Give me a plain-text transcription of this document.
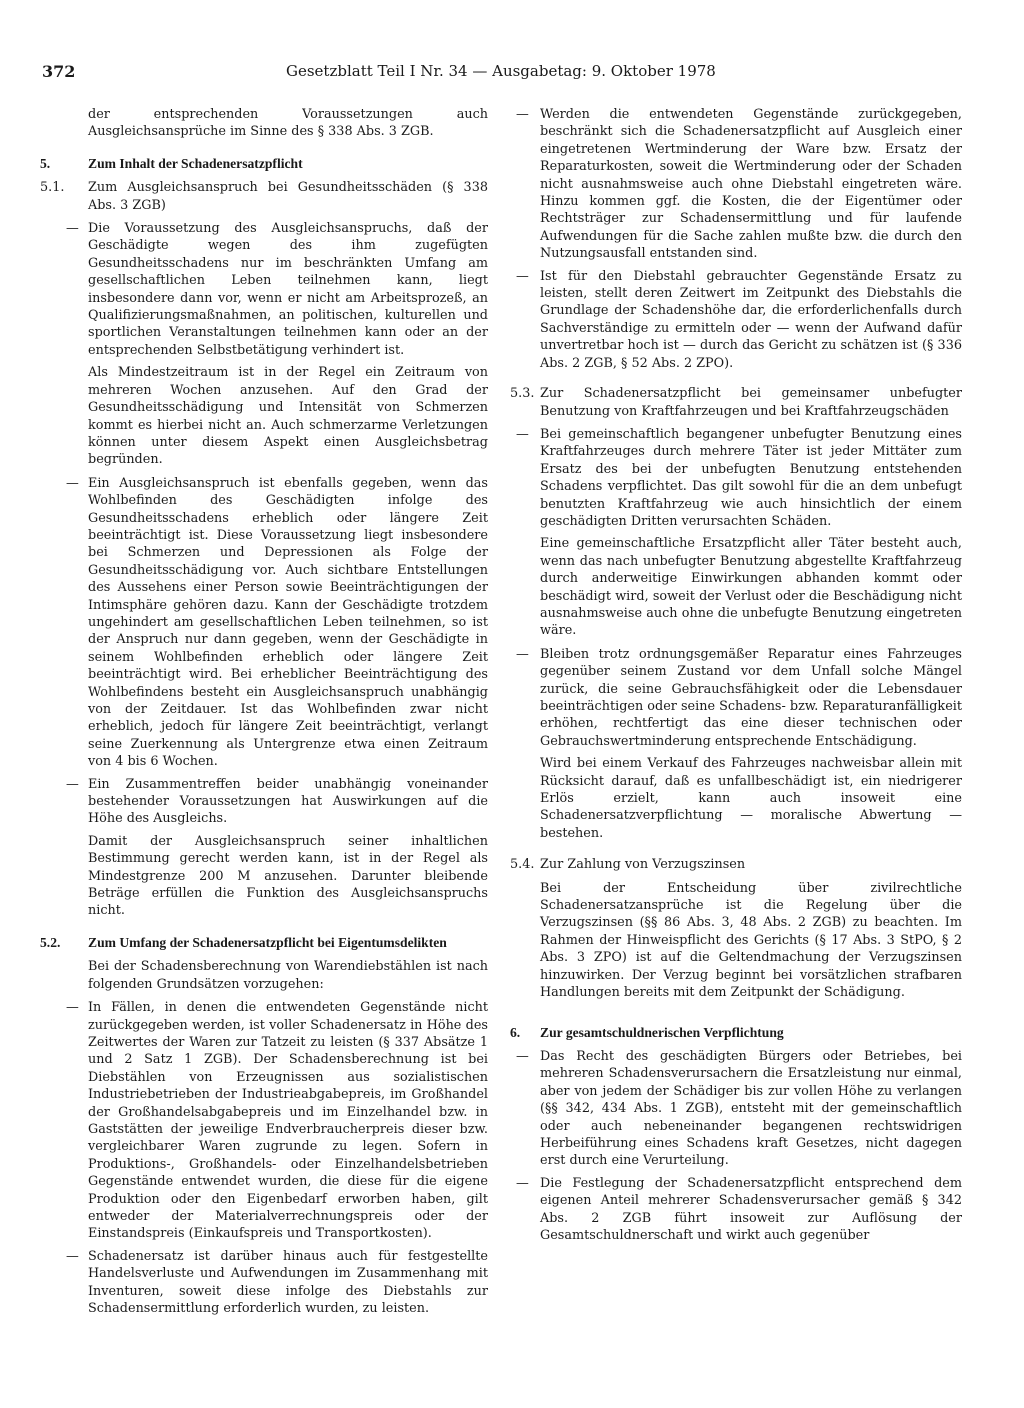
372	Gesetzblatt Teil I Nr. 34 — Ausgabetag: 9. Oktober 1978

der entsprechenden Voraussetzungen auch Ausgleichsansprüche im Sinne des § 338 Abs. 3 ZGB.

5.	Zum Inhalt der Schadenersatzpflicht
5.1. Zum Ausgleichsanspruch bei Gesundheitsschäden (§ 338 Abs. 3 ZGB)
— Die Voraussetzung des Ausgleichsanspruchs, daß der Geschädigte wegen des ihm zugefügten Gesundheitsschadens nur im beschränkten Umfang am gesellschaftlichen Leben teilnehmen kann, liegt insbesondere dann vor, wenn er nicht am Arbeitsprozeß, an Qualifizierungsmaßnahmen, an politischen, kulturellen und sportlichen Veranstaltungen teilnehmen kann oder an der entsprechenden Selbstbetätigung verhindert ist.

Als Mindestzeitraum ist in der Regel ein Zeitraum von mehreren Wochen anzusehen. Auf den Grad der Gesundheitsschädigung und Intensität von Schmerzen kommt es hierbei nicht an. Auch schmerzarme Verletzungen können unter diesem Aspekt einen Ausgleichsbetrag begründen.

— Ein Ausgleichsanspruch ist ebenfalls gegeben, wenn das Wohlbefinden des Geschädigten infolge des Gesundheitsschadens erheblich oder längere Zeit beeinträchtigt ist. Diese Voraussetzung liegt insbesondere bei Schmerzen und Depressionen als Folge der Gesundheitsschädigung vor. Auch sichtbare Entstellungen des Aussehens einer Person sowie Beeinträchtigungen der Intimsphäre gehören dazu. Kann der Geschädigte trotzdem ungehindert am gesellschaftlichen Leben teilnehmen, so ist der Anspruch nur dann gegeben, wenn der Geschädigte in seinem Wohlbefinden erheblich oder längere Zeit beeinträchtigt wird. Bei erheblicher Beeinträchtigung des Wohlbefindens besteht ein Ausgleichsanspruch unabhängig von der Zeitdauer. Ist das Wohlbefinden zwar nicht erheblich, jedoch für längere Zeit beeinträchtigt, verlangt seine Zuerkennung als Untergrenze etwa einen Zeitraum von 4 bis 6 Wochen.
— Ein Zusammentreffen beider unabhängig voneinander bestehender Voraussetzungen hat Auswirkungen auf die Höhe des Ausgleichs.

Damit der Ausgleichsanspruch seiner inhaltlichen Bestimmung gerecht werden kann, ist in der Regel als Mindestgrenze 200 M anzusehen. Darunter bleibende Beträge erfüllen die Funktion des Ausgleichsanspruchs nicht.

5.2. Zum Umfang der Schadenersatzpflicht bei Eigentumsdelikten

Bei der Schadensberechnung von Warendiebstählen ist nach folgenden Grundsätzen vorzugehen:

— In Fällen, in denen die entwendeten Gegenstände nicht zurückgegeben werden, ist voller Schadenersatz in Höhe des Zeitwertes der Waren zur Tatzeit zu leisten (§ 337 Absätze 1 und 2 Satz 1 ZGB). Der Schadensberechnung ist bei Diebstählen von Erzeugnissen aus sozialistischen Industriebetrieben der Industrieabgabepreis, im Großhandel der Großhandelsabgabepreis und im Einzelhandel bzw. in Gaststätten der jeweilige Endverbraucherpreis dieser bzw. vergleichbarer Waren zugrunde zu legen. Sofern in Produktions-, Großhandels- oder Einzelhandelsbetrieben Gegenstände entwendet wurden, die diese für die eigene Produktion oder den Eigenbedarf erworben haben, gilt entweder der Materialverrechnungspreis oder der Einstandspreis (Einkaufspreis und Transportkosten).
— Schadenersatz ist darüber hinaus auch für festgestellte Handelsverluste und Aufwendungen im Zusammenhang mit Inventuren, soweit diese infolge des Diebstahls zur Schadensermittlung erforderlich wurden, zu leisten.
— Werden die entwendeten Gegenstände zurückgegeben, beschränkt sich die Schadenersatzpflicht auf Ausgleich einer eingetretenen Wertminderung der Ware bzw. Ersatz der Reparaturkosten, soweit die Wertminderung oder der Schaden nicht ausnahmsweise auch ohne Diebstahl eingetreten wäre. Hinzu kommen ggf. die Kosten, die der Eigentümer oder Rechtsträger zur Schadensermittlung und für laufende Aufwendungen für die Sache zahlen mußte bzw. die durch den Nutzungsausfall entstanden sind.
— Ist für den Diebstahl gebrauchter Gegenstände Ersatz zu leisten, stellt deren Zeitwert im Zeitpunkt des Diebstahls die Grundlage der Schadenshöhe dar, die erforderlichenfalls durch Sachverständige zu ermitteln oder — wenn der Aufwand dafür unvertretbar hoch ist — durch das Gericht zu schätzen ist (§ 336 Abs. 2 ZGB, § 52 Abs. 2 ZPO).
5.3. Zur Schadenersatzpflicht bei gemeinsamer unbefugter Benutzung von Kraftfahrzeugen und bei Kraftfahrzeugschäden
— Bei gemeinschaftlich begangener unbefugter Benutzung eines Kraftfahrzeuges durch mehrere Täter ist jeder Mittäter zum Ersatz des bei der unbefugten Benutzung entstehenden Schadens verpflichtet. Das gilt sowohl für die an dem unbefugt benutzten Kraftfahrzeug wie auch hinsichtlich der einem geschädigten Dritten verursachten Schäden.

Eine gemeinschaftliche Ersatzpflicht aller Täter besteht auch, wenn das nach unbefugter Benutzung abgestellte Kraftfahrzeug durch anderweitige Einwirkungen abhanden kommt oder beschädigt wird, soweit der Verlust oder die Beschädigung nicht ausnahmsweise auch ohne die unbefugte Benutzung eingetreten wäre.

— Bleiben trotz ordnungsgemäßer Reparatur eines Fahrzeuges gegenüber seinem Zustand vor dem Unfall solche Mängel zurück, die seine Gebrauchsfähigkeit oder die Lebensdauer beeinträchtigen oder seine Schadens- bzw. Reparaturanfälligkeit erhöhen, rechtfertigt das eine dieser technischen oder Gebrauchswertminderung entsprechende Entschädigung.

Wird bei einem Verkauf des Fahrzeuges nachweisbar allein mit Rücksicht darauf, daß es unfallbeschädigt ist, ein niedrigerer Erlös erzielt, kann auch insoweit eine Schadenersatzverpflichtung — moralische Abwertung — bestehen.

5.4. Zur Zahlung von Verzugszinsen

Bei der Entscheidung über zivilrechtliche Schadenersatzansprüche ist die Regelung über die Verzugszinsen (§§ 86 Abs. 3, 48 Abs. 2 ZGB) zu beachten. Im Rahmen der Hinweispflicht des Gerichts (§ 17 Abs. 3 StPO, § 2 Abs. 3 ZPO) ist auf die Geltendmachung der Verzugszinsen hinzuwirken. Der Verzug beginnt bei vorsätzlichen strafbaren Handlungen bereits mit dem Zeitpunkt der Schädigung.

6. Zur gesamtschuldnerischen Verpflichtung
— Das Recht des geschädigten Bürgers oder Betriebes, bei mehreren Schadensverursachern die Ersatzleistung nur einmal, aber von jedem der Schädiger bis zur vollen Höhe zu verlangen (§§ 342, 434 Abs. 1 ZGB), entsteht mit der gemeinschaftlich oder auch nebeneinander begangenen rechtswidrigen Herbeiführung eines Schadens kraft Gesetzes, nicht dagegen erst durch eine Verurteilung.
— Die Festlegung der Schadenersatzpflicht entsprechend dem eigenen Anteil mehrerer Schadensverursacher gemäß § 342 Abs. 2 ZGB führt insoweit zur Auflösung der Gesamtschuldnerschaft und wirkt auch gegenüber
